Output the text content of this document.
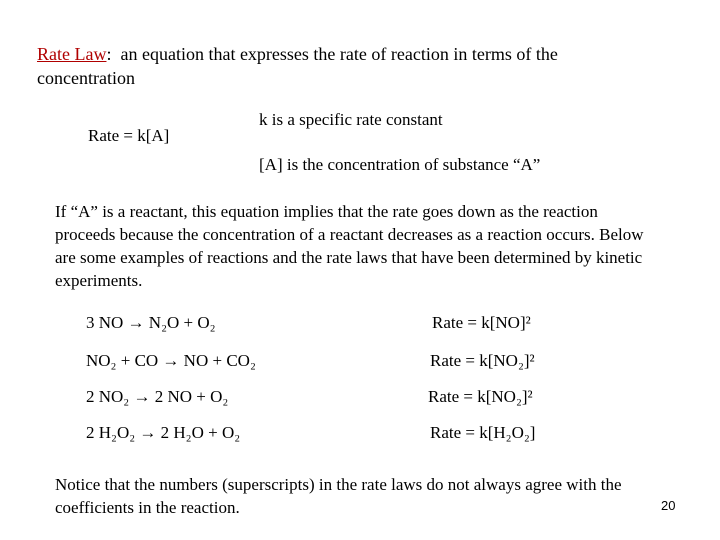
Rate Law: an equation that expresses the rate of reaction in terms of the
concentration
Rate = k[A]
k is a specific rate constant
[A] is the concentration of substance “A”
If “A” is a reactant, this equation implies that the rate goes down as the reaction proceeds because the concentration of a reactant decreases as a reaction occurs. Below are some examples of reactions and the rate laws that have been determined by kinetic experiments.
3 NO → N₂O + O₂	Rate = k[NO]²
NO₂ + CO → NO + CO₂	Rate = k[NO₂]²
2 NO₂ → 2 NO + O₂	Rate = k[NO₂]²
2 H₂O₂ → 2 H₂O + O₂	Rate = k[H₂O₂]
Notice that the numbers (superscripts) in the rate laws do not always agree with the coefficients in the reaction.	20
